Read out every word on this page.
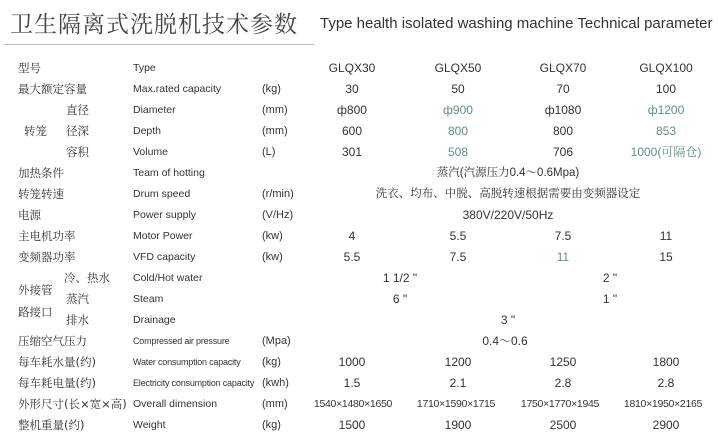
卫生隔离式洗脱机技术参数 Type health isolated washing machine Technical parameter
型号	Type	GLQX30	GLQX50	GLQX70	GLQX100
最大额定容量	Max.rated capacity	(kg)	30	50	70	100
转笼
直径	Diameter	(mm)	ф800	ф900	ф1080	ф1200
径深	Depth	(mm)	600	800	800	853
容积	Volume	(L)	301	508	706	1000(可隔仓)
加热条件	Team of hotting	蒸汽(汽源压力0.4～0.6Mpa)
转笼转速	Drum speed	(r/min)	洗衣、均布、中脱、高脱转速根据需要由变频器设定
电源	Power supply	(V/Hz)	380V/220V/50Hz
主电机功率	Motor Power	(kw)	4	5.5	7.5	11
变频器功率	VFD capacity	(kw)	5.5	7.5	11	15
外接管
路接口
冷、热水 Cold/Hot water	1 1/2 "	2 "
蒸汽	Steam	6 "	1 "
排水	Drainage	3 "
压缩空气压力	Compressed air pressure	(Mpa)	0.4～0.6
每车耗水量(约)	Water consumption capacity (kg)	1000	1200	1250	1800
每车耗电量(约)	Electricity consumption capacity (kwh)	1.5	2.1	2.8	2.8
外形尺寸(长×宽×高) Overall dimension	(mm)	1540×1480×1650	1710×1590×1715	1750×1770×1945	1810×1950×2165
整机重量(约)	Weight	(kg)	1500	1900	2500	2900
